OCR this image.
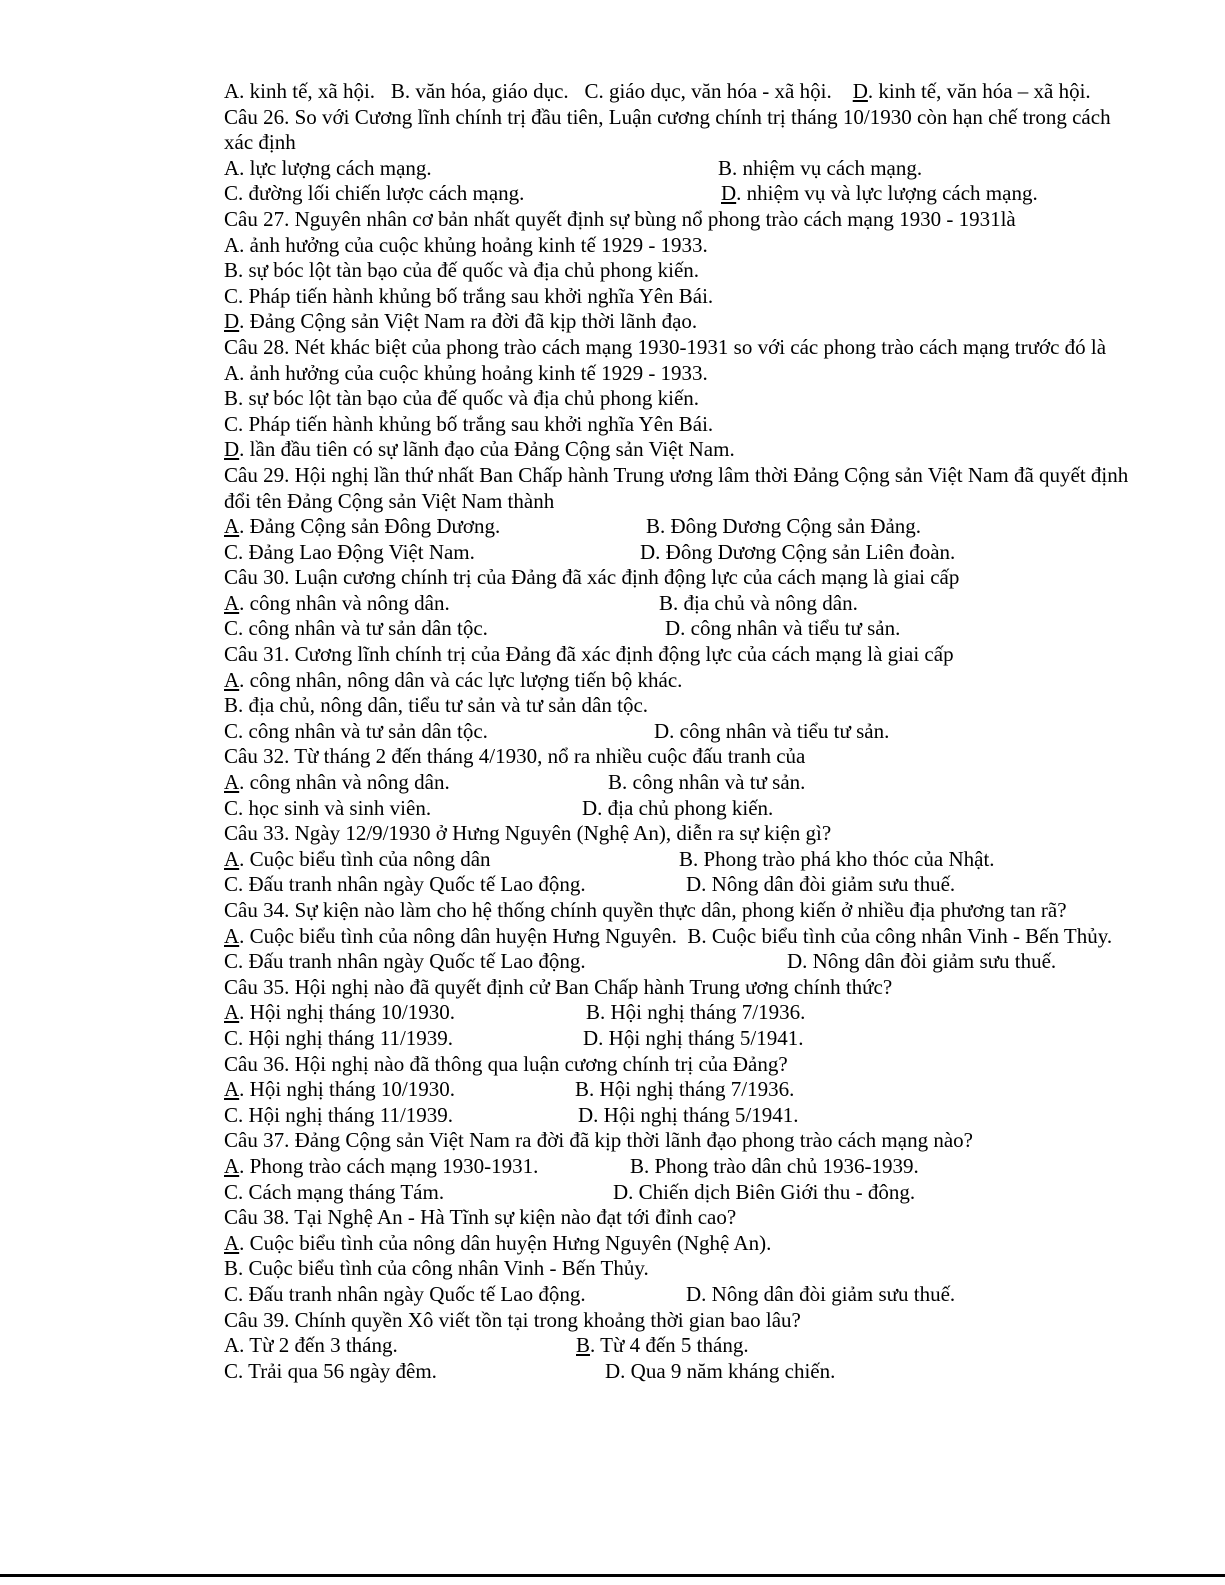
A. kinh tế, xã hội. B. văn hóa, giáo dục. C. giáo dục, văn hóa - xã hội. D. kinh tế, văn hóa – xã hội.
Câu 26. So với Cương lĩnh chính trị đầu tiên, Luận cương chính trị tháng 10/1930 còn hạn chế trong cách xác định
A. lực lượng cách mạng.	B. nhiệm vụ cách mạng.
C. đường lối chiến lược cách mạng.	D. nhiệm vụ và lực lượng cách mạng.
Câu 27. Nguyên nhân cơ bản nhất quyết định sự bùng nổ phong trào cách mạng 1930 - 1931là
A. ảnh hưởng của cuộc khủng hoảng kinh tế 1929 - 1933.
B. sự bóc lột tàn bạo của đế quốc và địa chủ phong kiến.
C. Pháp tiến hành khủng bố trắng sau khởi nghĩa Yên Bái.
D. Đảng Cộng sản Việt Nam ra đời đã kịp thời lãnh đạo.
Câu 28. Nét khác biệt của phong trào cách mạng 1930-1931 so với các phong trào cách mạng trước đó là
A. ảnh hưởng của cuộc khủng hoảng kinh tế 1929 - 1933.
B. sự bóc lột tàn bạo của đế quốc và địa chủ phong kiến.
C. Pháp tiến hành khủng bố trắng sau khởi nghĩa Yên Bái.
D. lần đầu tiên có sự lãnh đạo của Đảng Cộng sản Việt Nam.
Câu 29. Hội nghị lần thứ nhất Ban Chấp hành Trung ương lâm thời Đảng Cộng sản Việt Nam đã quyết định đổi tên Đảng Cộng sản Việt Nam thành
A. Đảng Cộng sản Đông Dương.	B. Đông Dương Cộng sản Đảng.
C. Đảng Lao Động Việt Nam.	D. Đông Dương Cộng sản Liên đoàn.
Câu 30. Luận cương chính trị của Đảng đã xác định động lực của cách mạng là giai cấp
A. công nhân và nông dân.	B. địa chủ và nông dân.
C. công nhân và tư sản dân tộc.	D. công nhân và tiểu tư sản.
Câu 31. Cương lĩnh chính trị của Đảng đã xác định động lực của cách mạng là giai cấp
A. công nhân, nông dân và các lực lượng tiến bộ khác.
B. địa chủ, nông dân, tiểu tư sản và tư sản dân tộc.
C. công nhân và tư sản dân tộc.	D. công nhân và tiểu tư sản.
Câu 32. Từ tháng 2 đến tháng 4/1930, nổ ra nhiều cuộc đấu tranh của
A. công nhân và nông dân.	B. công nhân và tư sản.
C. học sinh và sinh viên.	D. địa chủ phong kiến.
Câu 33. Ngày 12/9/1930 ở Hưng Nguyên (Nghệ An), diễn ra sự kiện gì?
A. Cuộc biểu tình của nông dân	B. Phong trào phá kho thóc của Nhật.
C. Đấu tranh nhân ngày Quốc tế Lao động.	D. Nông dân đòi giảm sưu thuế.
Câu 34. Sự kiện nào làm cho hệ thống chính quyền thực dân, phong kiến ở nhiều địa phương tan rã?
A. Cuộc biểu tình của nông dân huyện Hưng Nguyên. B. Cuộc biểu tình của công nhân Vinh - Bến Thủy.
C. Đấu tranh nhân ngày Quốc tế Lao động.	D. Nông dân đòi giảm sưu thuế.
Câu 35. Hội nghị nào đã quyết định cử Ban Chấp hành Trung ương chính thức?
A. Hội nghị tháng 10/1930.	B. Hội nghị tháng 7/1936.
C. Hội nghị tháng 11/1939.	D. Hội nghị tháng 5/1941.
Câu 36. Hội nghị nào đã thông qua luận cương chính trị của Đảng?
A. Hội nghị tháng 10/1930.	B. Hội nghị tháng 7/1936.
C. Hội nghị tháng 11/1939.	D. Hội nghị tháng 5/1941.
Câu 37. Đảng Cộng sản Việt Nam ra đời đã kịp thời lãnh đạo phong trào cách mạng nào?
A. Phong trào cách mạng 1930-1931.	B. Phong trào dân chủ 1936-1939.
C. Cách mạng tháng Tám.	D. Chiến dịch Biên Giới thu - đông.
Câu 38. Tại Nghệ An - Hà Tĩnh sự kiện nào đạt tới đỉnh cao?
A. Cuộc biểu tình của nông dân huyện Hưng Nguyên (Nghệ An).
B. Cuộc biểu tình của công nhân Vinh - Bến Thủy.
C. Đấu tranh nhân ngày Quốc tế Lao động.	D. Nông dân đòi giảm sưu thuế.
Câu 39. Chính quyền Xô viết tồn tại trong khoảng thời gian bao lâu?
A. Từ 2 đến 3 tháng.	B. Từ 4 đến 5 tháng.
C. Trải qua 56 ngày đêm.	D. Qua 9 năm kháng chiến.
